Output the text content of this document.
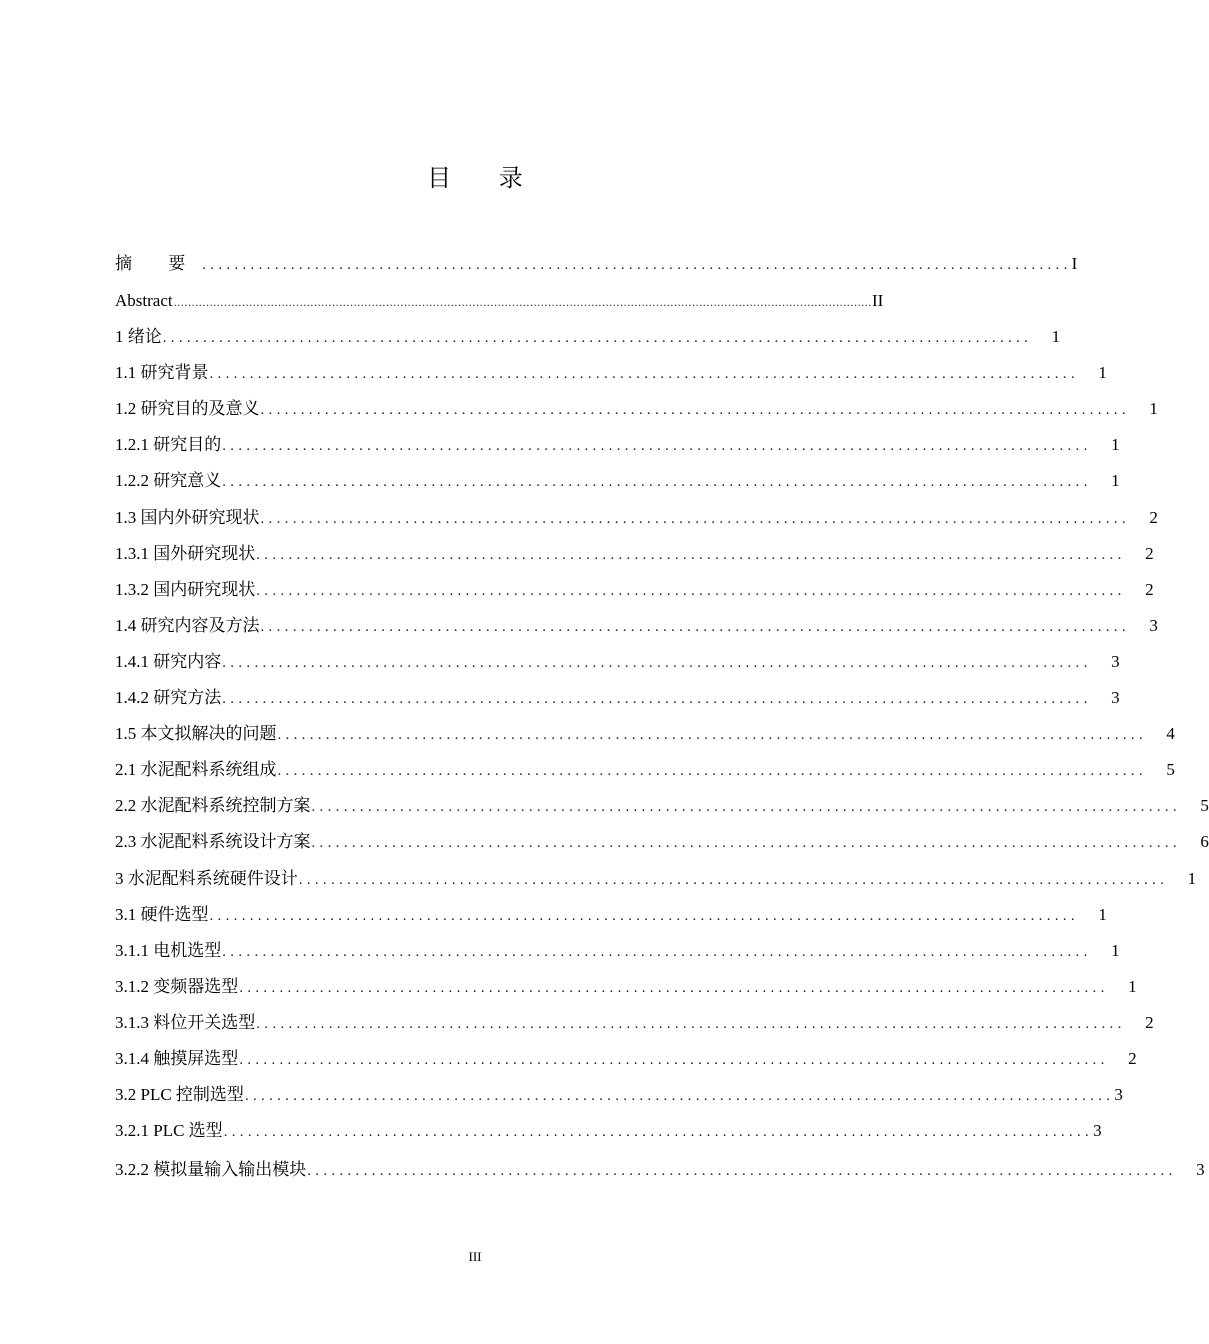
目 录
摘 要 ............................................................................................................ I
Abstract .................................................................................................................................................................................................. II
1 绪论 ............................................................................................................	1
1.1 研究背景 ............................................................................................................	1
1.2 研究目的及意义 ............................................................................................................	1
1.2.1 研究目的 ............................................................................................................	1
1.2.2 研究意义 ............................................................................................................	1
1.3 国内外研究现状 ............................................................................................................	2
1.3.1 国外研究现状 ............................................................................................................	2
1.3.2 国内研究现状 ............................................................................................................	2
1.4 研究内容及方法 ............................................................................................................	3
1.4.1 研究内容 ............................................................................................................	3
1.4.2 研究方法 ............................................................................................................	3
1.5 本文拟解决的问题 ............................................................................................................	4
2.1 水泥配料系统组成 ............................................................................................................	5
2.2 水泥配料系统控制方案 ............................................................................................................	5
2.3 水泥配料系统设计方案 ............................................................................................................	6
3 水泥配料系统硬件设计 ............................................................................................................	1
3.1 硬件选型 ............................................................................................................	1
3.1.1 电机选型 ............................................................................................................	1
3.1.2 变频器选型 ............................................................................................................	1
3.1.3 料位开关选型 ............................................................................................................	2
3.1.4 触摸屏选型 ............................................................................................................	2
3.2 PLC 控制选型 ............................................................................................................ 3
3.2.1 PLC 选型 ............................................................................................................ 3
3.2.2 模拟量输入输出模块 ............................................................................................................	3
III
